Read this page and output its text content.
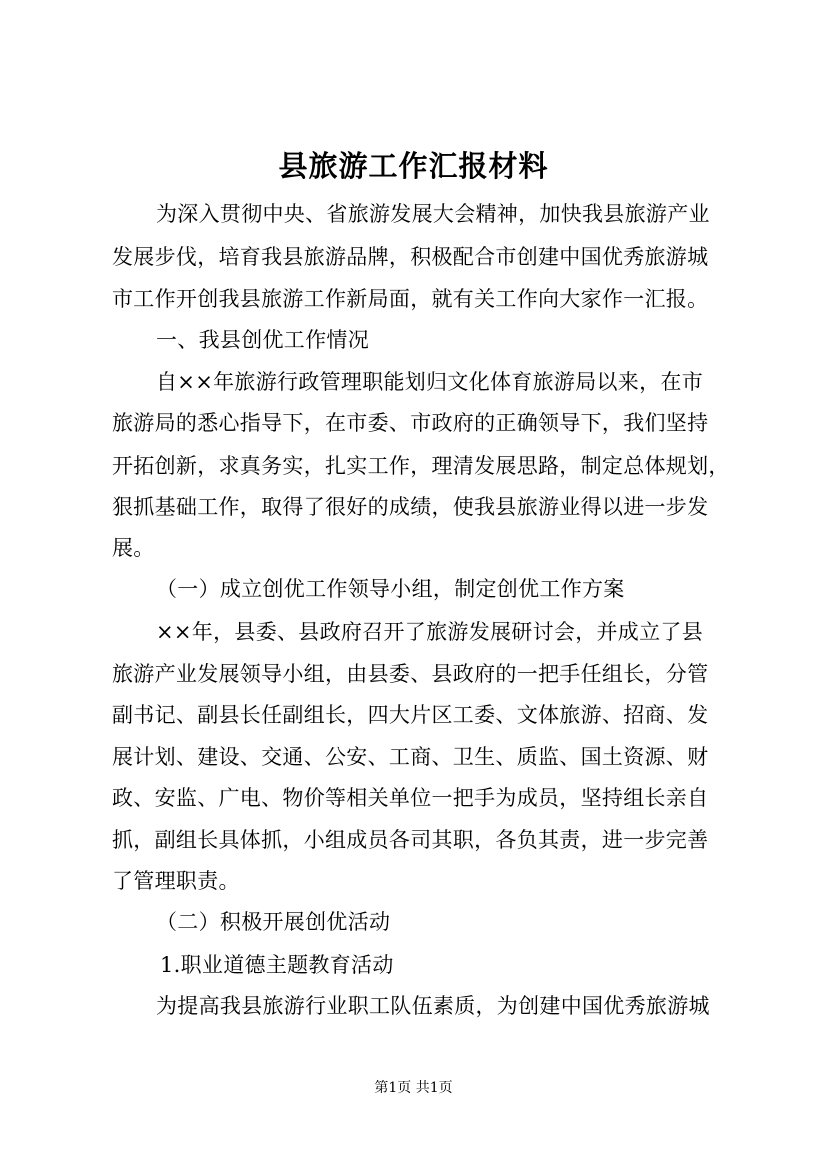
县旅游工作汇报材料
为深入贯彻中央、省旅游发展大会精神，加快我县旅游产业
发展步伐，培育我县旅游品牌，积极配合市创建中国优秀旅游城
市工作开创我县旅游工作新局面，就有关工作向大家作一汇报。
一、我县创优工作情况
自××年旅游行政管理职能划归文化体育旅游局以来，在市
旅游局的悉心指导下，在市委、市政府的正确领导下，我们坚持
开拓创新，求真务实，扎实工作，理清发展思路，制定总体规划，
狠抓基础工作，取得了很好的成绩，使我县旅游业得以进一步发
展。
（一）成立创优工作领导小组，制定创优工作方案
××年，县委、县政府召开了旅游发展研讨会，并成立了县
旅游产业发展领导小组，由县委、县政府的一把手任组长，分管
副书记、副县长任副组长，四大片区工委、文体旅游、招商、发
展计划、建设、交通、公安、工商、卫生、质监、国土资源、财
政、安监、广电、物价等相关单位一把手为成员，坚持组长亲自
抓，副组长具体抓，小组成员各司其职，各负其责，进一步完善
了管理职责。
（二）积极开展创优活动
1.职业道德主题教育活动
为提高我县旅游行业职工队伍素质，为创建中国优秀旅游城
第1页 共1页
